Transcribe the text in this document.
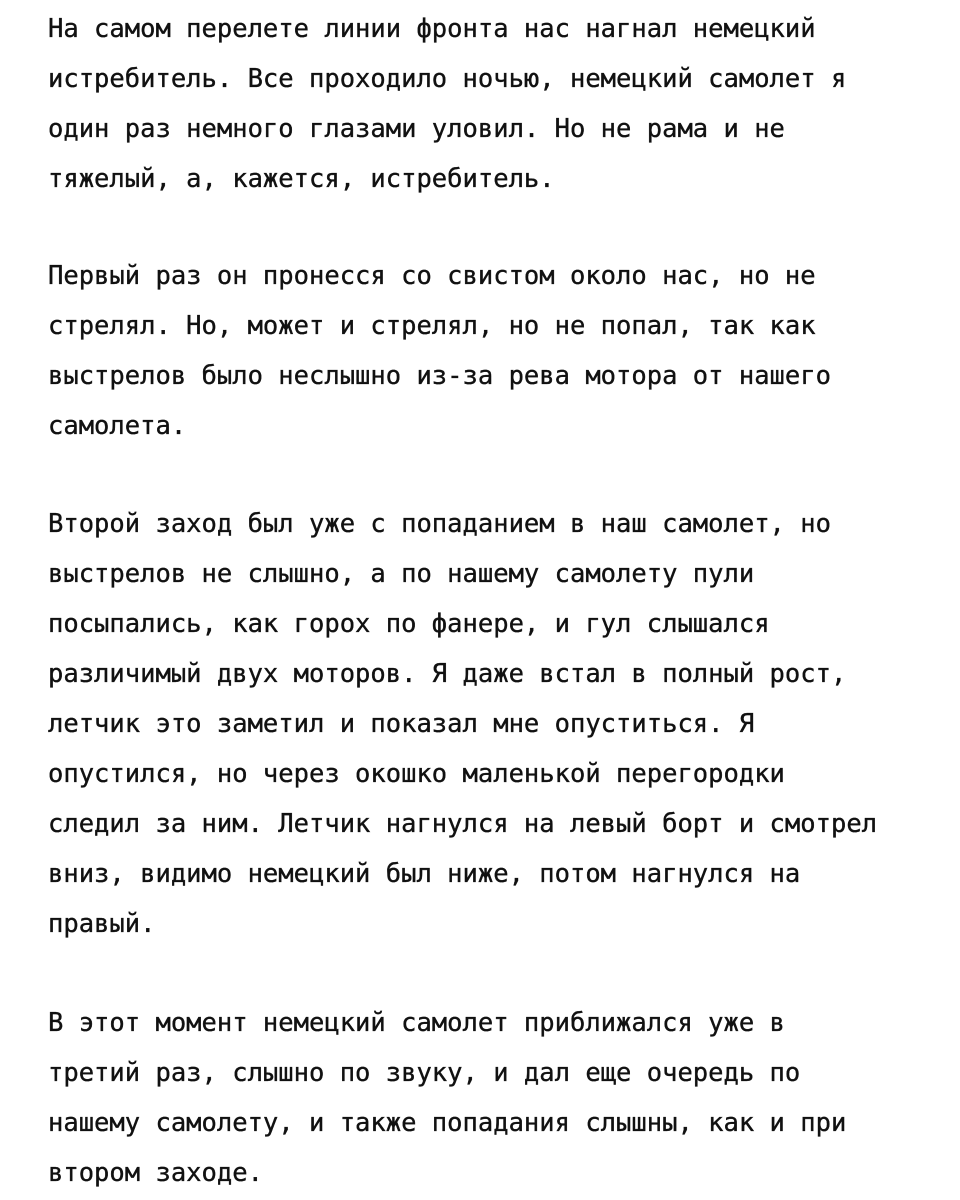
На самом перелете линии фронта нас нагнал немецкий
истребитель. Все проходило ночью, немецкий самолет я
один раз немного глазами уловил. Но не рама и не
тяжелый, а, кажется, истребитель.
Первый раз он пронесся со свистом около нас, но не
стрелял. Но, может и стрелял, но не попал, так как
выстрелов было неслышно из-за рева мотора от нашего
самолета.
Второй заход был уже с попаданием в наш самолет, но
выстрелов не слышно, а по нашему самолету пули
посыпались, как горох по фанере, и гул слышался
различимый двух моторов. Я даже встал в полный рост,
летчик это заметил и показал мне опуститься. Я
опустился, но через окошко маленькой перегородки
следил за ним. Летчик нагнулся на левый борт и смотрел
вниз, видимо немецкий был ниже, потом нагнулся на
правый.
В этот момент немецкий самолет приближался уже в
третий раз, слышно по звуку, и дал еще очередь по
нашему самолету, и также попадания слышны, как и при
втором заходе.
